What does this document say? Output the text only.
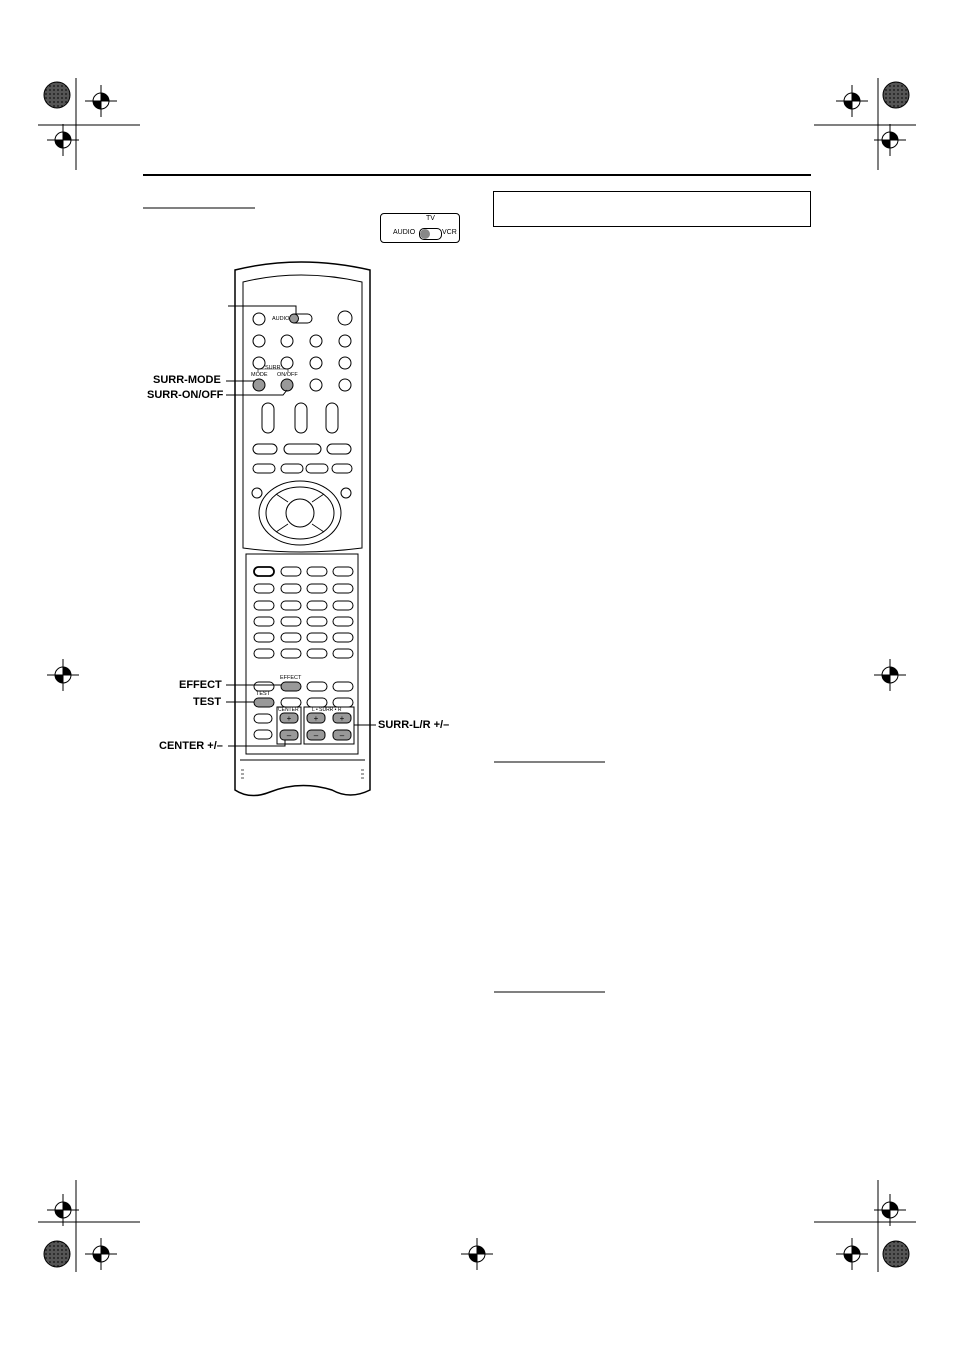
TV
AUDIO	VCR
+
–
+	+
–	–
AUDIO
SURR
MODE ON/OFF
EFFECT
TEST
CENTER	L • SURR • R
SURR-MODE
SURR-ON/OFF
EFFECT
TEST
CENTER +/–
SURR-L/R +/–
